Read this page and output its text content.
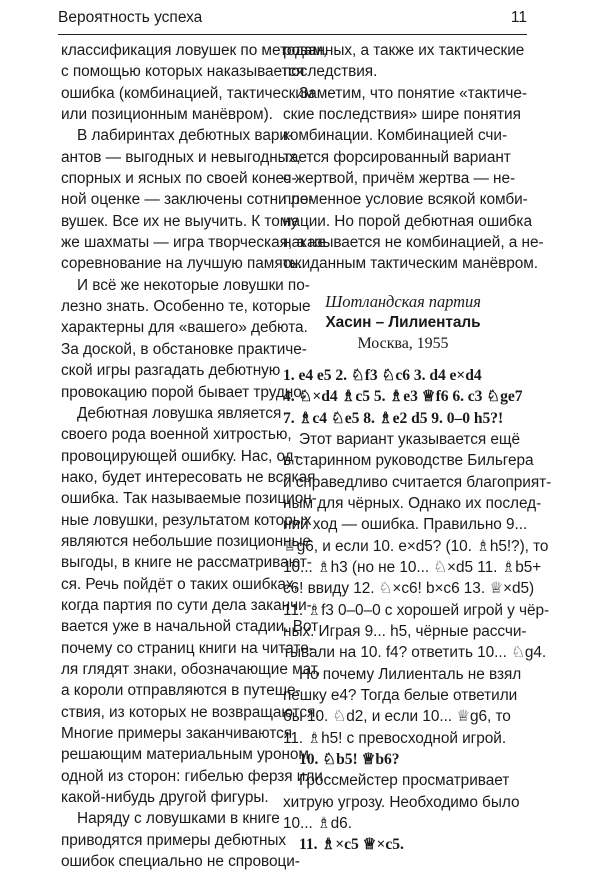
Вероятность успеха	11

классификация ловушек по методам,
с помощью которых наказывается
ошибка (комбинацией, тактическим
или позиционным манёвром).

В лабиринтах дебютных вари-
антов — выгодных и невыгодных,
спорных и ясных по своей конеч-
ной оценке — заключены сотни ло-
вушек. Все их не выучить. К тому
же шахматы — игра творческая, а не
соревнование на лучшую память.

И всё же некоторые ловушки по-
лезно знать. Особенно те, которые
характерны для «вашего» дебюта.
За доской, в обстановке практиче-
ской игры разгадать дебютную
провокацию порой бывает трудно.

Дебютная ловушка является
своего рода военной хитростью,
провоцирующей ошибку. Нас, од-
нако, будет интересовать не всякая
ошибка. Так называемые позицион-
ные ловушки, результатом которых
являются небольшие позиционные
выгоды, в книге не рассматривают-
ся. Речь пойдёт о таких ошибках,
когда партия по сути дела заканчи-
вается уже в начальной стадии. Вот
почему со страниц книги на читате-
ля глядят знаки, обозначающие мат,
а короли отправляются в путеше-
ствия, из которых не возвращаются.
Многие примеры заканчиваются
решающим материальным уроном
одной из сторон: гибелью ферзя или
какой-нибудь другой фигуры.

Наряду с ловушками в книге
приводятся примеры дебютных
ошибок специально не спровоци-

рованных, а также их тактические
последствия.

Заметим, что понятие «тактиче-
ские последствия» шире понятия
комбинации. Комбинацией счи-
тается форсированный вариант
с жертвой, причём жертва — не-
пременное условие всякой комби-
нации. Но порой дебютная ошибка
наказывается не комбинацией, а не-
ожиданным тактическим манёвром.

Шотландская партия
Хасин – Лилиенталь
Москва, 1955

1. e4 e5 2. ♘f3 ♘c6 3. d4 e×d4
4. ♘×d4 ♗c5 5. ♗e3 ♕f6 6. c3 ♘ge7
7. ♗c4 ♘e5 8. ♗e2 d5 9. 0–0 h5?!

Этот вариант указывается ещё
в старинном руководстве Бильгера
и справедливо считается благоприят-
ным для чёрных. Однако их послед-
ний ход — ошибка. Правильно 9...
♕g6, и если 10. e×d5? (10. ♗h5!?), то
10... ♗h3 (но не 10... ♘×d5 11. ♗b5+
c6! ввиду 12. ♘×c6! b×c6 13. ♕×d5)
11. ♗f3 0–0–0 с хорошей игрой у чёр-
ных. Играя 9... h5, чёрные рассчи-
тывали на 10. f4? ответить 10... ♘g4.

Но почему Лилиенталь не взял
пешку e4? Тогда белые ответили
бы 10. ♘d2, и если 10... ♕g6, то
11. ♗h5! с превосходной игрой.

10. ♘b5! ♕b6?

Гроссмейстер просматривает
хитрую угрозу. Необходимо было
10... ♗d6.

11. ♗×c5 ♕×c5.
